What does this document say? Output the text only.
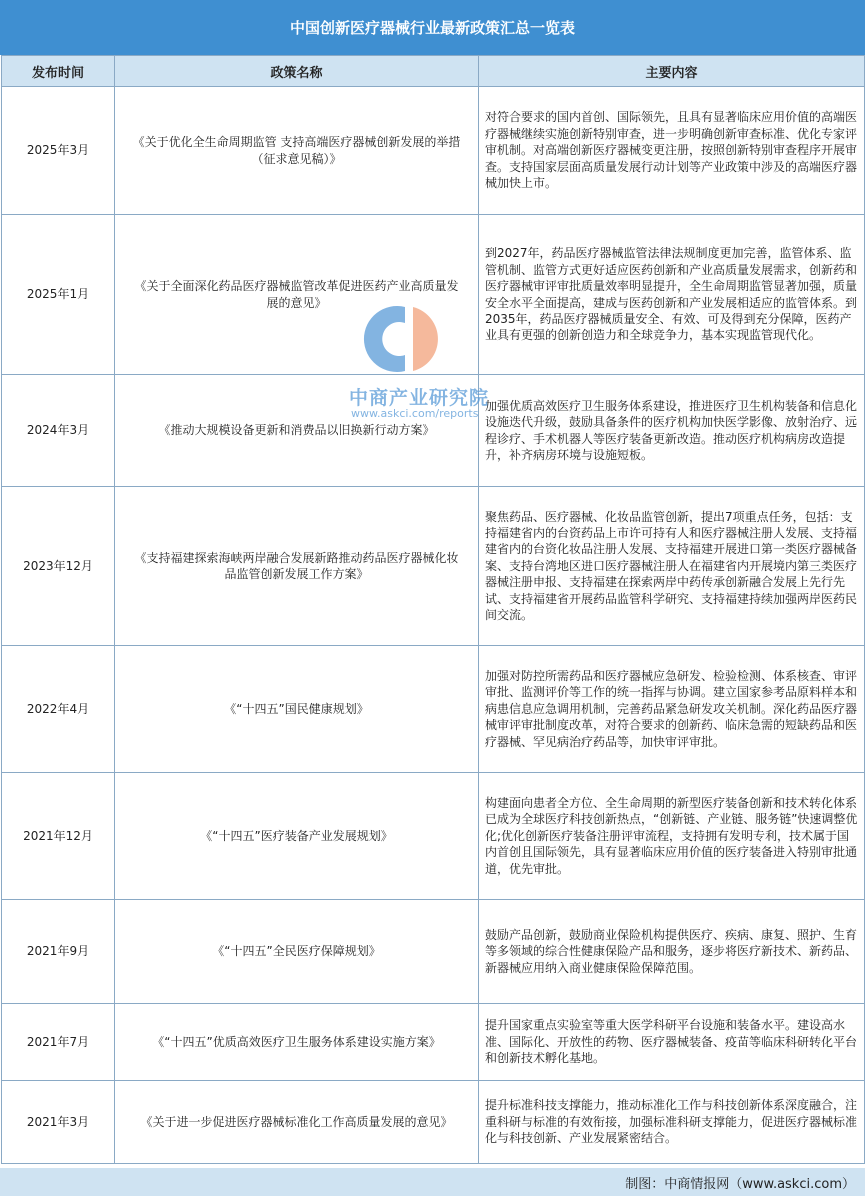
中国创新医疗器械行业最新政策汇总一览表
发布时间	政策名称	主要内容
2025年3月	《关于优化全生命周期监管 支持高端医疗器械创新发展的举措（征求意见稿）》	对符合要求的国内首创、国际领先，且具有显著临床应用价值的高端医疗器械继续实施创新特别审查，进一步明确创新审查标准、优化专家评审机制。对高端创新医疗器械变更注册，按照创新特别审查程序开展审查。支持国家层面高质量发展行动计划等产业政策中涉及的高端医疗器械加快上市。
2025年1月	《关于全面深化药品医疗器械监管改革促进医药产业高质量发展的意见》	到2027年，药品医疗器械监管法律法规制度更加完善，监管体系、监管机制、监管方式更好适应医药创新和产业高质量发展需求，创新药和医疗器械审评审批质量效率明显提升，全生命周期监管显著加强，质量安全水平全面提高，建成与医药创新和产业发展相适应的监管体系。到2035年，药品医疗器械质量安全、有效、可及得到充分保障，医药产业具有更强的创新创造力和全球竞争力，基本实现监管现代化。
2024年3月	《推动大规模设备更新和消费品以旧换新行动方案》	加强优质高效医疗卫生服务体系建设，推进医疗卫生机构装备和信息化设施迭代升级，鼓励具备条件的医疗机构加快医学影像、放射治疗、远程诊疗、手术机器人等医疗装备更新改造。推动医疗机构病房改造提升，补齐病房环境与设施短板。
2023年12月	《支持福建探索海峡两岸融合发展新路推动药品医疗器械化妆品监管创新发展工作方案》	聚焦药品、医疗器械、化妆品监管创新，提出7项重点任务，包括：支持福建省内的台资药品上市许可持有人和医疗器械注册人发展、支持福建省内的台资化妆品注册人发展、支持福建开展进口第一类医疗器械备案、支持台湾地区进口医疗器械注册人在福建省内开展境内第三类医疗器械注册申报、支持福建在探索两岸中药传承创新融合发展上先行先试、支持福建省开展药品监管科学研究、支持福建持续加强两岸医药民间交流。
2022年4月	《“十四五”国民健康规划》	加强对防控所需药品和医疗器械应急研发、检验检测、体系核查、审评审批、监测评价等工作的统一指挥与协调。建立国家参考品原料样本和病患信息应急调用机制，完善药品紧急研发攻关机制。深化药品医疗器械审评审批制度改革，对符合要求的创新药、临床急需的短缺药品和医疗器械、罕见病治疗药品等，加快审评审批。
2021年12月	《“十四五”医疗装备产业发展规划》	构建面向患者全方位、全生命周期的新型医疗装备创新和技术转化体系已成为全球医疗科技创新热点，“创新链、产业链、服务链”快速调整优化;优化创新医疗装备注册评审流程，支持拥有发明专利，技术属于国内首创且国际领先，具有显著临床应用价值的医疗装备进入特别审批通道，优先审批。
2021年9月	《“十四五”全民医疗保障规划》	鼓励产品创新，鼓励商业保险机构提供医疗、疾病、康复、照护、生育等多领域的综合性健康保险产品和服务，逐步将医疗新技术、新药品、新器械应用纳入商业健康保险保障范围。
2021年7月	《“十四五”优质高效医疗卫生服务体系建设实施方案》	提升国家重点实验室等重大医学科研平台设施和装备水平。建设高水准、国际化、开放性的药物、医疗器械装备、疫苗等临床科研转化平台和创新技术孵化基地。
2021年3月	《关于进一步促进医疗器械标准化工作高质量发展的意见》	提升标准科技支撑能力，推动标准化工作与科技创新体系深度融合，注重科研与标准的有效衔接，加强标准科研支撑能力，促进医疗器械标准化与科技创新、产业发展紧密结合。
中商产业研究院
www.askci.com/reports
制图：中商情报网（www.askci.com）
